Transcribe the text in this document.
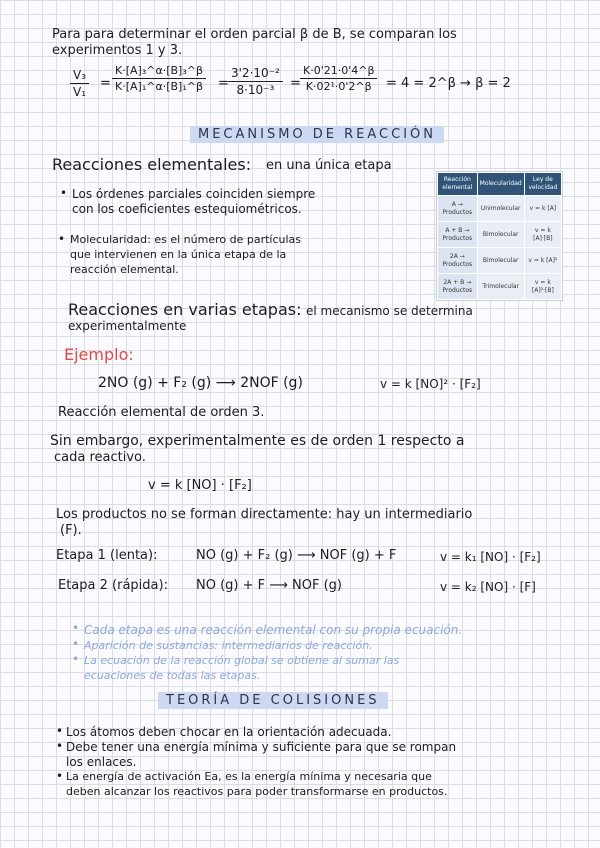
Para para determinar el orden parcial β de B, se comparan los
experimentos 1 y 3.
$\frac{\text{V₃}}{\text{V₁}} = \frac{\text{K·[A]₃\textasciicircum{}α·[B]₃\textasciicircum{}β}}{\text{K·[A]₁\textasciicircum{}α·[B]₁\textasciicircum{}β}} = \frac{\text{3'2·10⁻²}}{\text{8·10⁻³}} = \frac{K\cdot 0'21\cdot 0'4\^{}\beta}{\text{K·02¹·0'2\textasciicircum{}β}} = 4$ = 2^β → β = 2
MECANISMO DE REACCIÓN
Reacciones elementales: en una única etapa
• Los órdenes parciales coinciden siempre
con los coeficientes estequiométricos.
• Molecularidad: es el número de partículas
que intervienen en la única etapa de la
reacción elemental.
Reacción elemental	Molecularidad	Ley de velocidad
A → Productos	Unimolecular	v = k [A]
A + B → Productos	Bimolecular	v = k [A]·[B]
2A → Productos	Bimolecular	v = k [A]²
2A + B → Productos	Trimolecular	v = k [A]²·[B]
Reacciones en varias etapas: el mecanismo se determina
experimentalmente
Ejemplo:
2NO (g) + F₂ (g) ⟶ 2NOF (g)	v = k [NO]² · [F₂]
Reacción elemental de orden 3.
Sin embargo, experimentalmente es de orden 1 respecto a
cada reactivo.
v = k [NO] · [F₂]
Los productos no se forman directamente: hay un intermediario
(F).
Etapa 1 (lenta):	NO (g) + F₂ (g) ⟶ NOF (g) + F	v = k₁ [NO] · [F₂]
Etapa 2 (rápida): NO (g) + F ⟶ NOF (g)	v = k₂ [NO] · [F]
• Cada etapa es una reacción elemental con su propia ecuación.
• Aparición de sustancias: intermediarios de reacción.
• La ecuación de la reacción global se obtiene al sumar las
ecuaciones de todas las etapas.
TEORÍA DE COLISIONES
• Los átomos deben chocar en la orientación adecuada.
• Debe tener una energía mínima y suficiente para que se rompan
los enlaces.
• La energía de activación Ea, es la energía mínima y necesaria que
deben alcanzar los reactivos para poder transformarse en productos.
